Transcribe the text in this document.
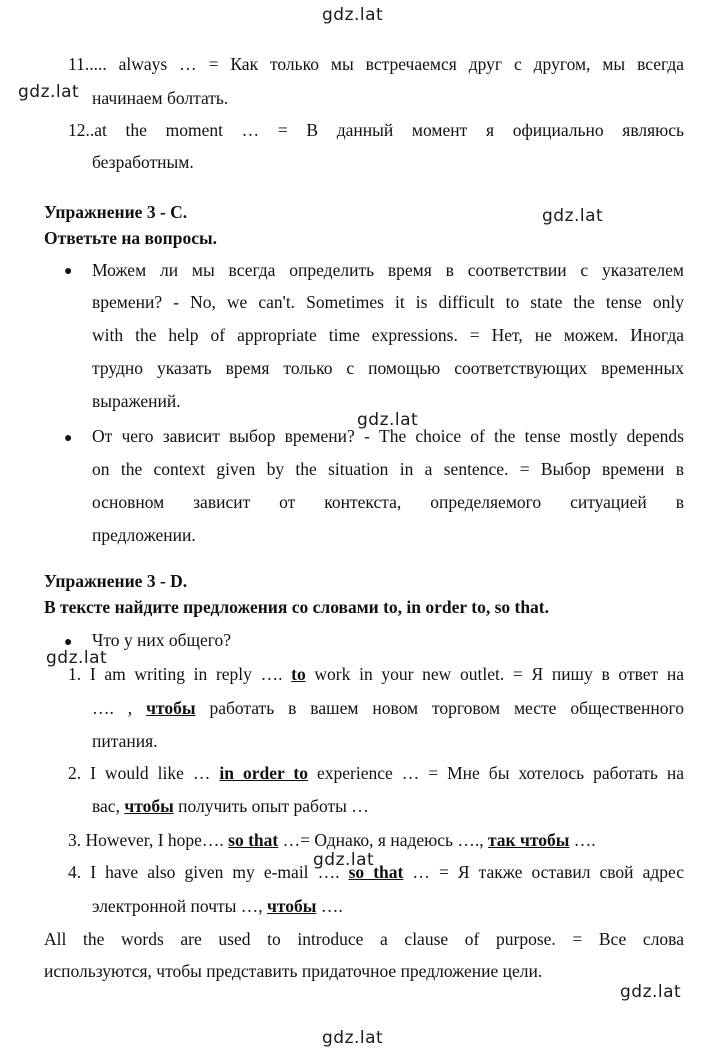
gdz.lat
gdz.lat
gdz.lat
gdz.lat
gdz.lat
gdz.lat
gdz.lat
gdz.lat
11..... always … = Как только мы встречаемся друг с другом, мы всегда
начинаем болтать.
12..at the moment … = В данный момент я официально являюсь
безработным.
Упражнение 3 - C.
Ответьте на вопросы.
● Можем ли мы всегда определить время в соответствии с указателем
времени? - No, we can't. Sometimes it is difficult to state the tense only
with the help of appropriate time expressions. = Нет, не можем. Иногда
трудно указать время только с помощью соответствующих временных
выражений.
● От чего зависит выбор времени? - The choice of the tense mostly depends
on the context given by the situation in a sentence. = Выбор времени в
основном зависит от контекста, определяемого ситуацией в
предложении.
Упражнение 3 - D.
В тексте найдите предложения со словами to, in order to, so that.
● Что у них общего?
1. I am writing in reply …. to work in your new outlet. = Я пишу в ответ на
…. , чтобы работать в вашем новом торговом месте общественного
питания.
2. I would like … in order to experience … = Мне бы хотелось работать на
вас, чтобы получить опыт работы …
3. However, I hope…. so that …= Однако, я надеюсь …., так чтобы ….
4. I have also given my e-mail …. so that … = Я также оставил свой адрес
электронной почты …, чтобы ….
All the words are used to introduce a clause of purpose. = Все слова
используются, чтобы представить придаточное предложение цели.
